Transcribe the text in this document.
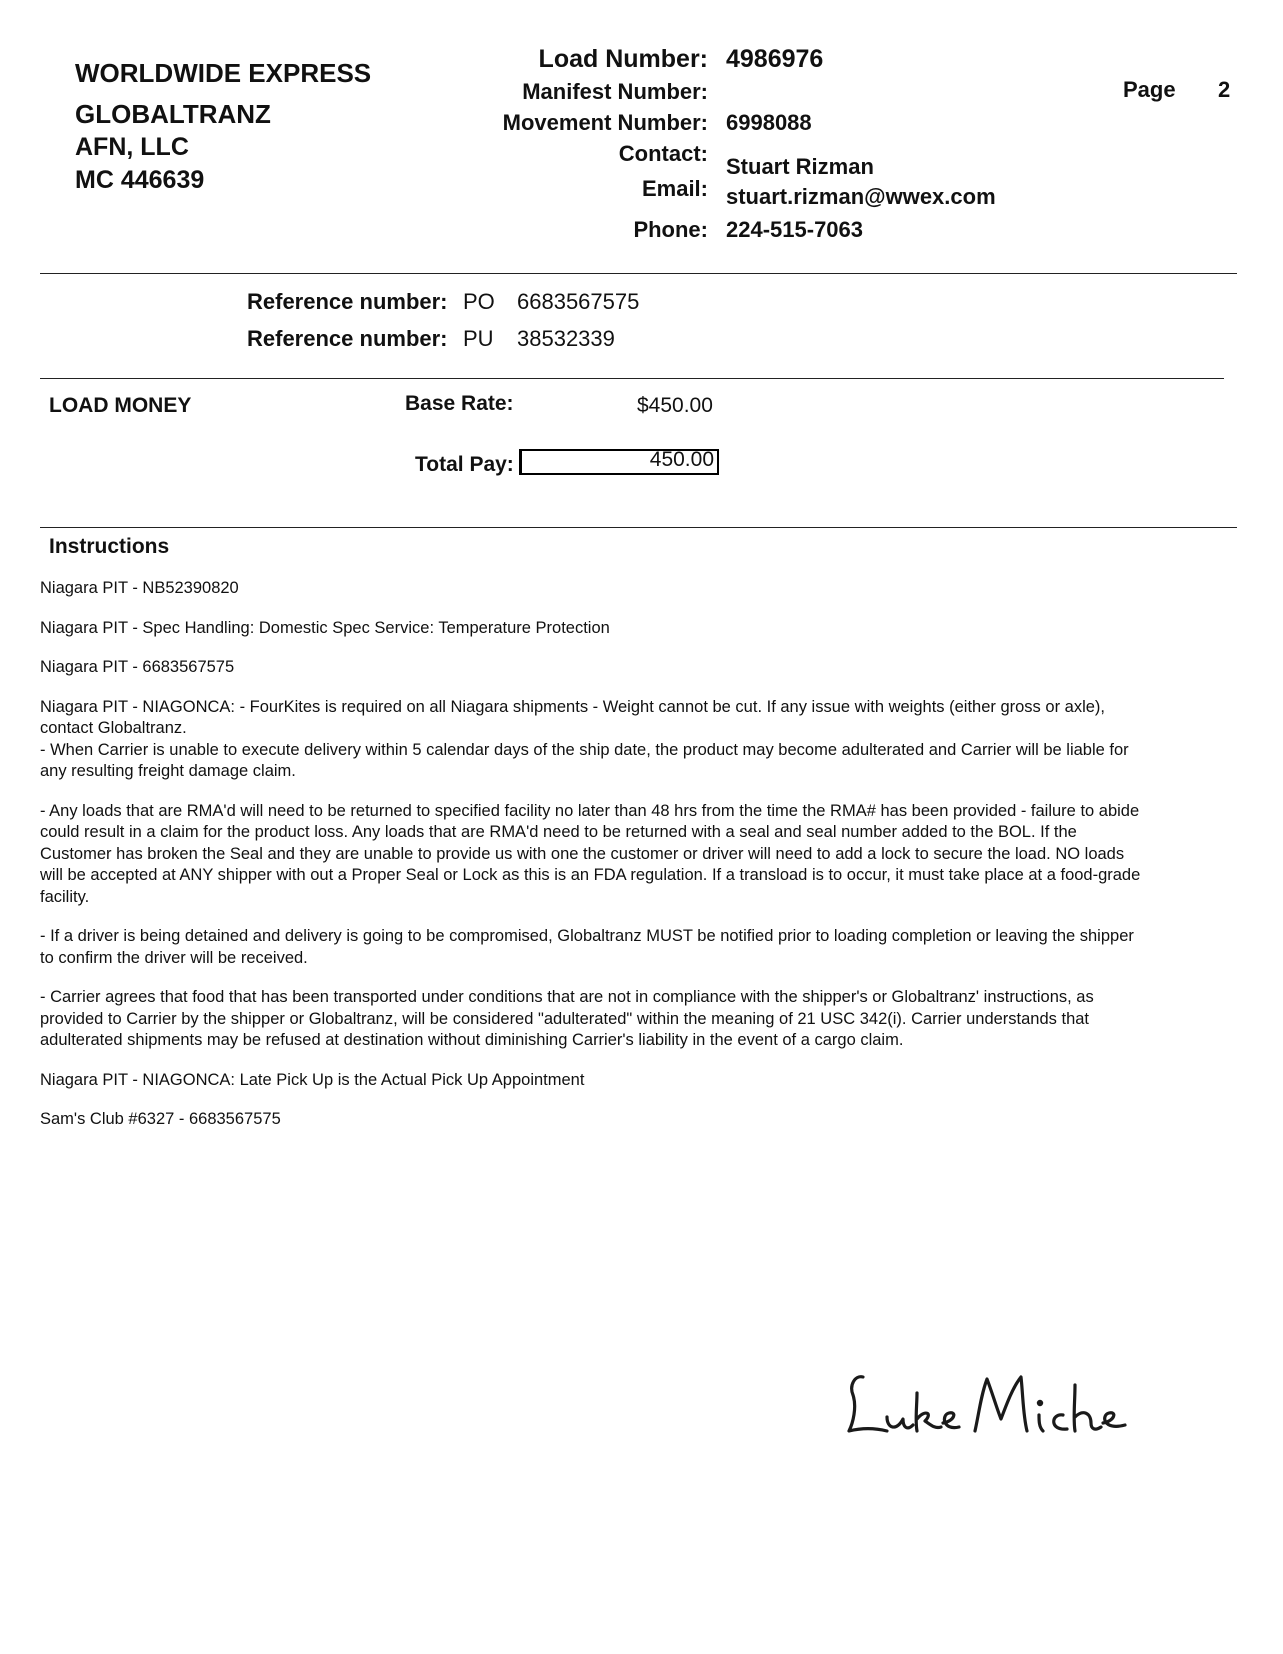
WORLDWIDE EXPRESS
GLOBALTRANZ
AFN, LLC
MC 446639
Load Number: 4986976
Manifest Number:
Movement Number: 6998088
Contact:
Stuart Rizman
Email: stuart.rizman@wwex.com
Phone: 224-515-7063
Page 2
Reference number: PO 6683567575
Reference number: PU 38532339
LOAD MONEY	Base Rate:	$450.00
Total Pay:	450.00
Instructions

Niagara PIT - NB52390820

Niagara PIT - Spec Handling: Domestic Spec Service: Temperature Protection

Niagara PIT - 6683567575

Niagara PIT - NIAGONCA: - FourKites is required on all Niagara shipments - Weight cannot be cut. If any issue with weights (either gross or axle), contact Globaltranz.

- When Carrier is unable to execute delivery within 5 calendar days of the ship date, the product may become adulterated and Carrier will be liable for any resulting freight damage claim.

- Any loads that are RMA'd will need to be returned to specified facility no later than 48 hrs from the time the RMA# has been provided - failure to abide could result in a claim for the product loss. Any loads that are RMA'd need to be returned with a seal and seal number added to the BOL. If the Customer has broken the Seal and they are unable to provide us with one the customer or driver will need to add a lock to secure the load. NO loads will be accepted at ANY shipper with out a Proper Seal or Lock as this is an FDA regulation. If a transload is to occur, it must take place at a food-grade facility.

- If a driver is being detained and delivery is going to be compromised, Globaltranz MUST be notified prior to loading completion or leaving the shipper to confirm the driver will be received.

- Carrier agrees that food that has been transported under conditions that are not in compliance with the shipper's or Globaltranz' instructions, as provided to Carrier by the shipper or Globaltranz, will be considered "adulterated" within the meaning of 21 USC 342(i). Carrier understands that adulterated shipments may be refused at destination without diminishing Carrier's liability in the event of a cargo claim.

Niagara PIT - NIAGONCA: Late Pick Up is the Actual Pick Up Appointment

Sam's Club #6327 - 6683567575
